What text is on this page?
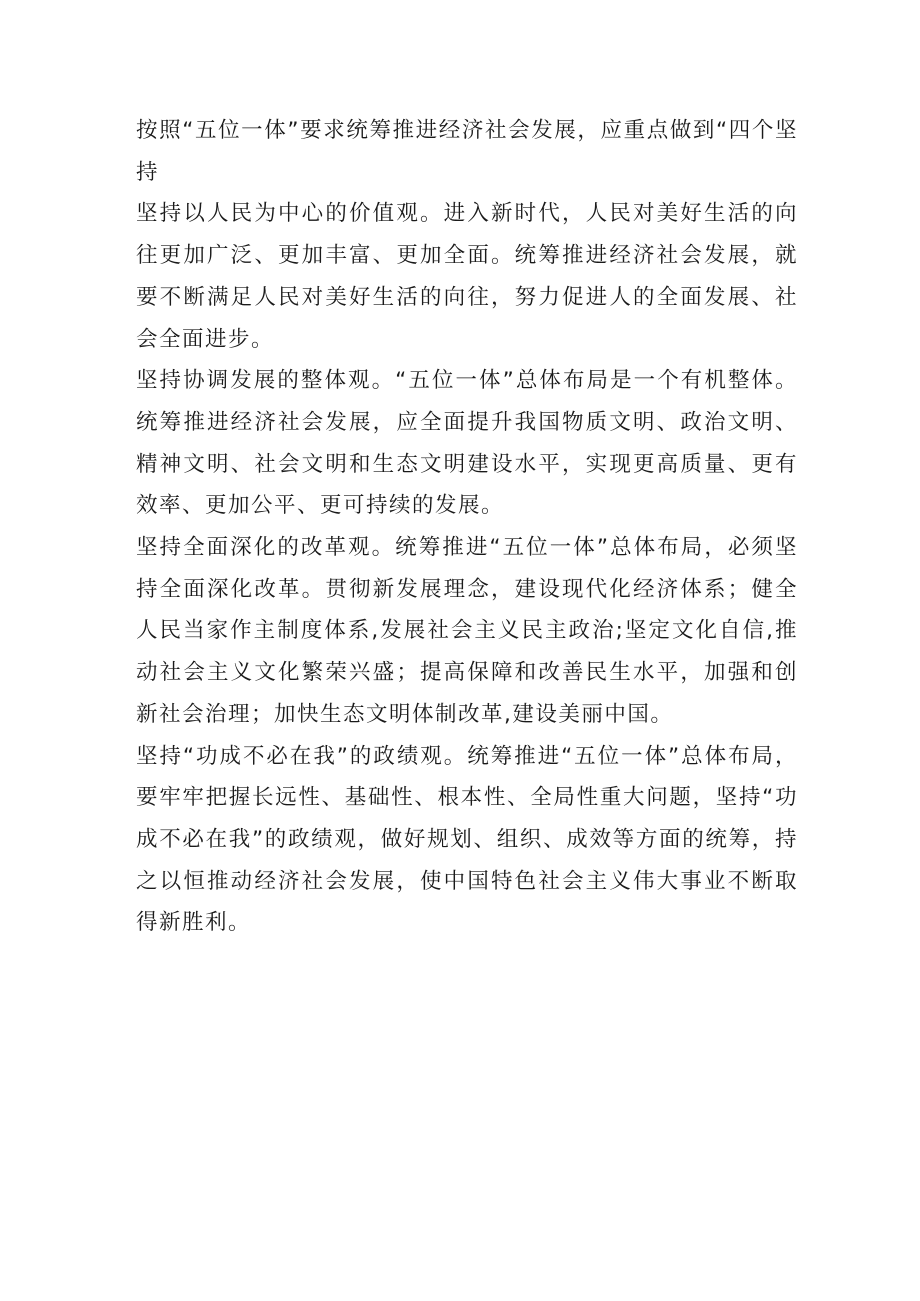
按照“五位一体”要求统筹推进经济社会发展，应重点做到“四个坚持

坚持以人民为中心的价值观。进入新时代，人民对美好生活的向往更加广泛、更加丰富、更加全面。统筹推进经济社会发展，就要不断满足人民对美好生活的向往，努力促进人的全面发展、社会全面进步。

坚持协调发展的整体观。“五位一体”总体布局是一个有机整体。统筹推进经济社会发展，应全面提升我国物质文明、政治文明、精神文明、社会文明和生态文明建设水平，实现更高质量、更有效率、更加公平、更可持续的发展。

坚持全面深化的改革观。统筹推进“五位一体”总体布局，必须坚持全面深化改革。贯彻新发展理念，建设现代化经济体系；健全人民当家作主制度体系,发展社会主义民主政治;坚定文化自信,推动社会主义文化繁荣兴盛；提高保障和改善民生水平，加强和创新社会治理；加快生态文明体制改革,建设美丽中国。

坚持“功成不必在我”的政绩观。统筹推进“五位一体”总体布局，要牢牢把握长远性、基础性、根本性、全局性重大问题，坚持“功成不必在我”的政绩观，做好规划、组织、成效等方面的统筹，持之以恒推动经济社会发展，使中国特色社会主义伟大事业不断取得新胜利。
